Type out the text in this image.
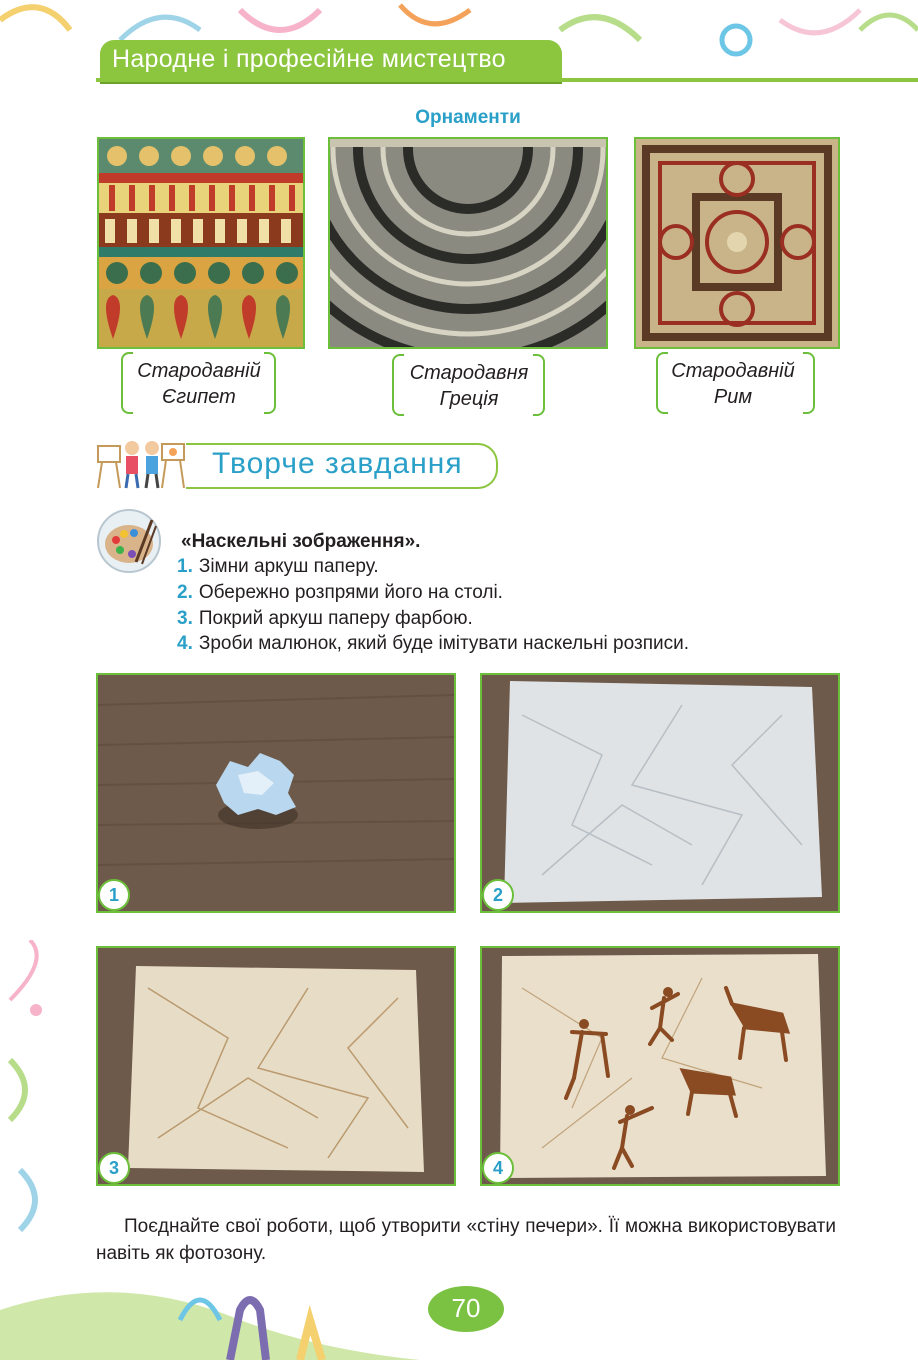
Народне і професійне мистецтво
Орнаменти
Стародавній
Єгипет
Стародавня
Греція
Стародавній
Рим
Творче завдання
«Наскельні зображення».
1. Зімни аркуш паперу.
2. Обережно розпрями його на столі.
3. Покрий аркуш паперу фарбою.
4. Зроби малюнок, який буде імітувати наскельні розписи.
1	2
3	4
Поєднайте свої роботи, щоб утворити «стіну печери». Її можна використовувати навіть як фотозону.
70
